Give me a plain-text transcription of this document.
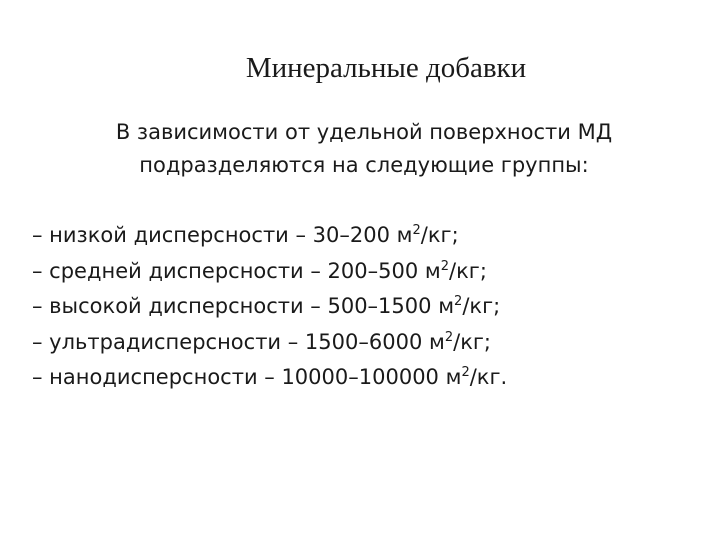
Минеральные добавки
В зависимости от удельной поверхности МД
подразделяются на следующие группы:
– низкой дисперсности – 30–200 $м^2/кг$;
– средней дисперсности – 200–500 $м^2/кг$;
– высокой дисперсности – 500–1500 $м^2/кг$;
– ультрадисперсности – 1500–6000 $м^2/кг$;
– нанодисперсности – 10000–100000 $м^2/кг$.
